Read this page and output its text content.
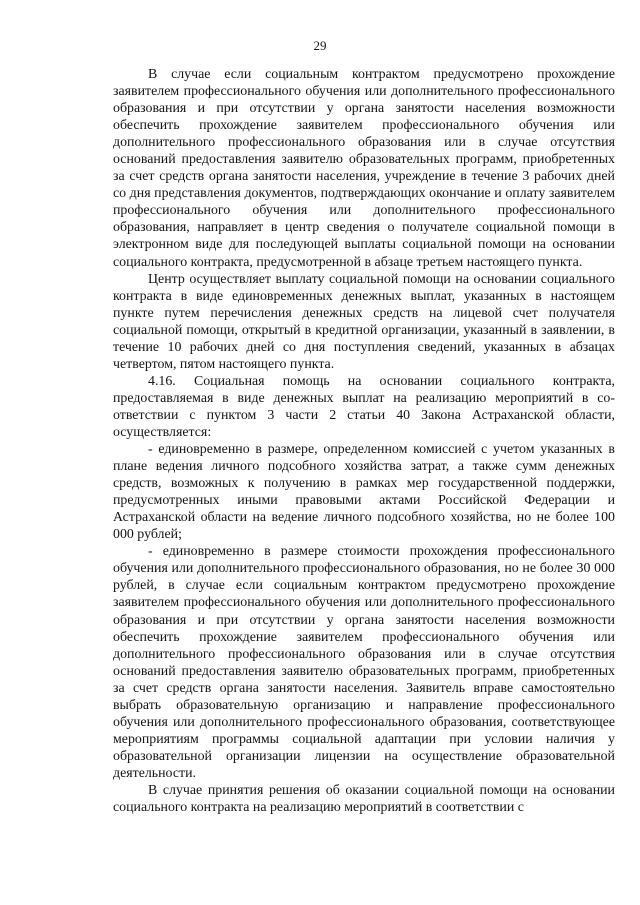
29

В случае если социальным контрактом предусмотрено прохождение заявителем профессионального обучения или дополнительного профессионального образования и при отсутствии у органа занятости населения возможности обеспечить прохождение заявителем профессионального обучения или дополнительного профессионального образования или в случае отсутствия оснований предоставления заявителю образовательных программ, приобретенных за счет средств органа занятости населения, учреждение в течение 3 рабочих дней со дня представления документов, подтверждающих окончание и оплату заявителем профессионального обучения или дополнительного профессионального образования, направляет в центр сведения о получателе социальной помощи в электронном виде для последующей выплаты социальной помощи на основании социального контракта, предусмотренной в абзаце третьем настоящего пункта.

Центр осуществляет выплату социальной помощи на основании социального контракта в виде единовременных денежных выплат, указанных в настоящем пункте путем перечисления денежных средств на лицевой счет получателя социальной помощи, открытый в кредитной организации, указанный в заявлении, в течение 10 рабочих дней со дня поступления сведений, указанных в абзацах четвертом, пятом настоящего пункта.

4.16. Социальная помощь на основании социального контракта, предоставляемая в виде денежных выплат на реализацию мероприятий в соответствии с пунктом 3 части 2 статьи 40 Закона Астраханской области, осуществляется:

- единовременно в размере, определенном комиссией с учетом указанных в плане ведения личного подсобного хозяйства затрат, а также сумм денежных средств, возможных к получению в рамках мер государственной поддержки, предусмотренных иными правовыми актами Российской Федерации и Астраханской области на ведение личного подсобного хозяйства, но не более 100 000 рублей;

- единовременно в размере стоимости прохождения профессионального обучения или дополнительного профессионального образования, но не более 30 000 рублей, в случае если социальным контрактом предусмотрено прохождение заявителем профессионального обучения или дополнительного профессионального образования и при отсутствии у органа занятости населения возможности обеспечить прохождение заявителем профессионального обучения или дополнительного профессионального образования или в случае отсутствия оснований предоставления заявителю образовательных программ, приобретенных за счет средств органа занятости населения. Заявитель вправе самостоятельно выбрать образовательную организацию и направление профессионального обучения или дополнительного профессионального образования, соответствующее мероприятиям программы социальной адаптации при условии наличия у образовательной организации лицензии на осуществление образовательной деятельности.

В случае принятия решения об оказании социальной помощи на основании социального контракта на реализацию мероприятий в соответствии с
